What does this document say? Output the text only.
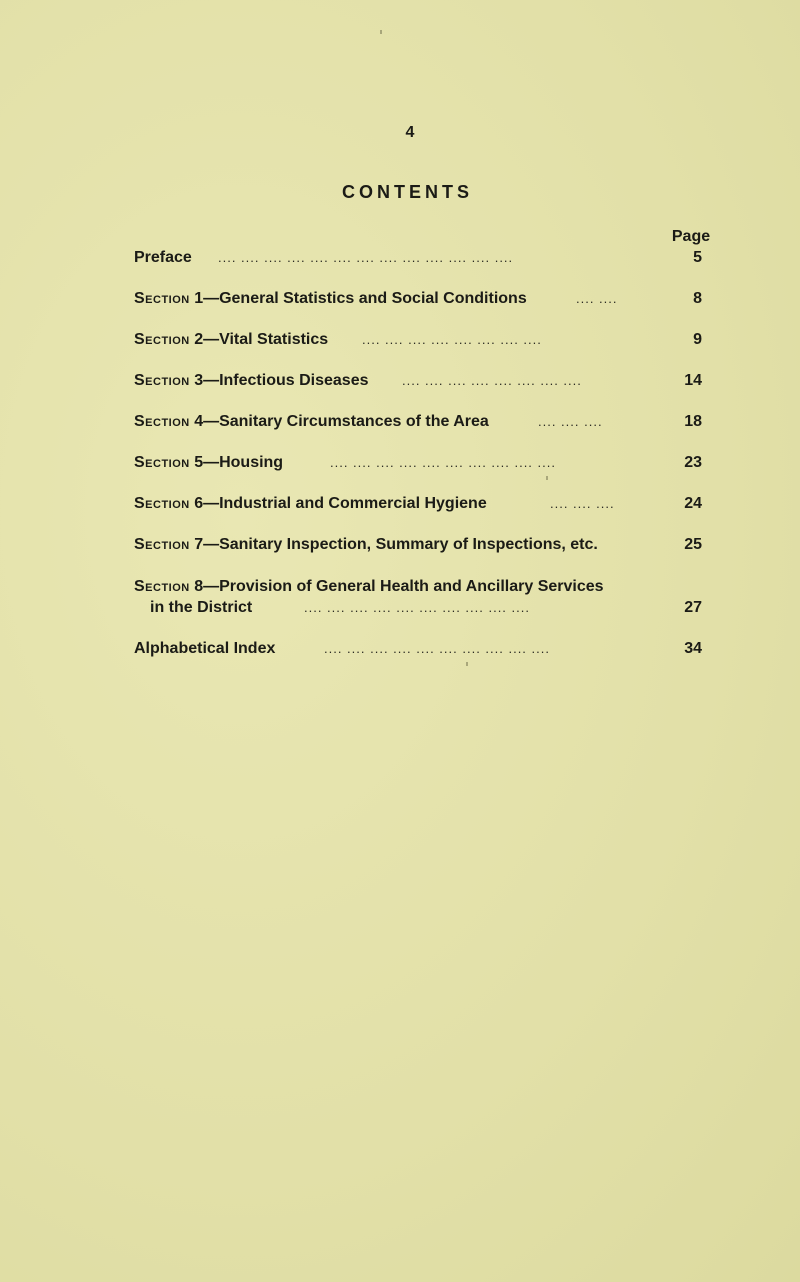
4
CONTENTS
Page
Preface .... .... .... .... .... .... .... .... .... .... .... .... ....	5
Section 1—General Statistics and Social Conditions	.... ....	8
Section 2—Vital Statistics	.... .... .... .... .... .... .... ....	9
Section 3—Infectious Diseases	.... .... .... .... .... .... .... ....	14
Section 4—Sanitary Circumstances of the Area	.... .... ....	18
Section 5—Housing	.... .... .... .... .... .... .... .... .... ....	23
Section 6—Industrial and Commercial Hygiene	.... .... ....	24
Section 7—Sanitary Inspection, Summary of Inspections, etc.	25
Section 8—Provision of General Health and Ancillary Services
in the District	.... .... .... .... .... .... .... .... .... ....	27
Alphabetical Index	.... .... .... .... .... .... .... .... .... ....	34
